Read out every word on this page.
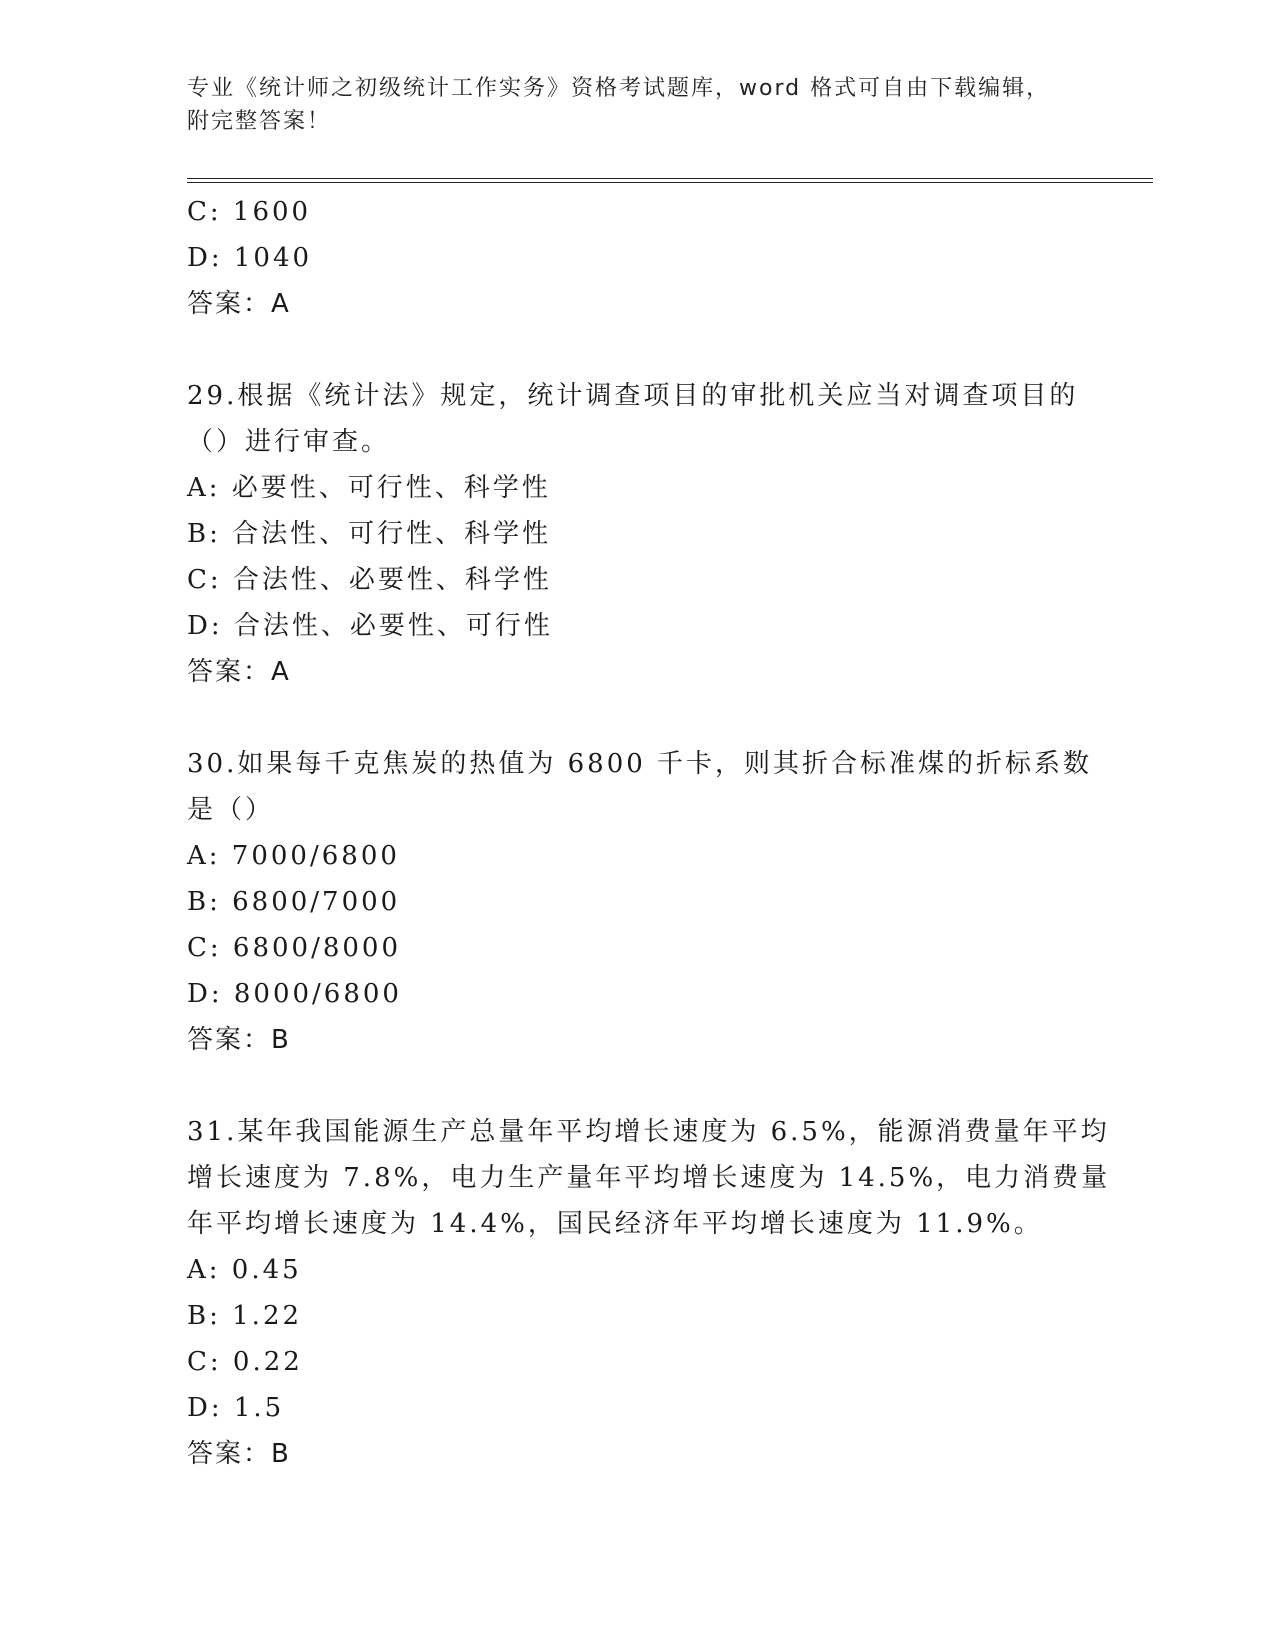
专业《统计师之初级统计工作实务》资格考试题库，word 格式可自由下载编辑，
附完整答案！
C: 1600
D: 1040
答案：A
29.根据《统计法》规定，统计调查项目的审批机关应当对调查项目的
（）进行审查。
A: 必要性、可行性、科学性
B: 合法性、可行性、科学性
C: 合法性、必要性、科学性
D: 合法性、必要性、可行性
答案：A
30.如果每千克焦炭的热值为 6800 千卡，则其折合标准煤的折标系数
是（）
A: 7000/6800
B: 6800/7000
C: 6800/8000
D: 8000/6800
答案：B
31.某年我国能源生产总量年平均增长速度为 6.5%，能源消费量年平均
增长速度为 7.8%，电力生产量年平均增长速度为 14.5%，电力消费量
年平均增长速度为 14.4%，国民经济年平均增长速度为 11.9%。
A: 0.45
B: 1.22
C: 0.22
D: 1.5
答案：B
